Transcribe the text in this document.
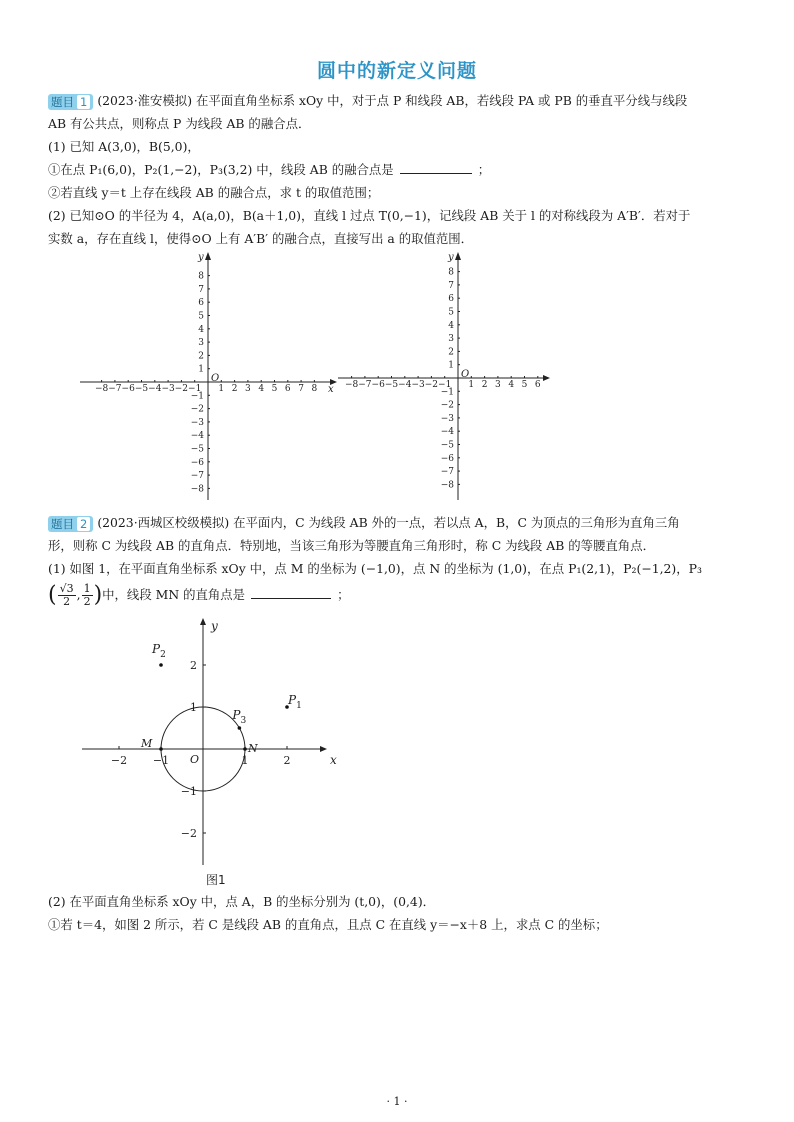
圆中的新定义问题
题目 1 (2023·淮安模拟) 在平面直角坐标系 xOy 中，对于点 P 和线段 AB，若线段 PA 或 PB 的垂直平分线与线段
AB 有公共点，则称点 P 为线段 AB 的融合点．
(1) 已知 A(3,0)，B(5,0)，
①在点 P₁(6,0)，P₂(1,−2)，P₃(3,2) 中，线段 AB 的融合点是	；
②若直线 y＝t 上存在线段 AB 的融合点，求 t 的取值范围；
(2) 已知⊙O 的半径为 4，A(a,0)，B(a＋1,0)，直线 l 过点 T(0,−1)，记线段 AB 关于 l 的对称线段为 A′B′．若对于
实数 a，存在直线 l，使得⊙O 上有 A′B′ 的融合点，直接写出 a 的取值范围．
−8 −7 −6 −5 −4 −3 −2 −1 1 2 3 4 5 6 7 8
1
2
3
4
5
6
7
8
−1
−2
−3
−4
−5
−6
−7
−8
y
x
O
−8 −7 −6 −5 −4 −3 −2 −1 1 2 3 4 5 6
1
2
3
4
5
6
7
8
−1
−2
−3
−4
−5
−6
−7
−8
y
O
题目 2 (2023·西城区校级模拟) 在平面内，C 为线段 AB 外的一点，若以点 A，B，C 为顶点的三角形为直角三角
形，则称 C 为线段 AB 的直角点．特别地，当该三角形为等腰直角三角形时，称 C 为线段 AB 的等腰直角点．
(1) 如图 1，在平面直角坐标系 xOy 中，点 M 的坐标为 (−1,0)，点 N 的坐标为 (1,0)，在点 P₁(2,1)，P₂(−1,2)，P₃
( $\frac{√3}{2}$ , $\frac{1}{2}$ )中，线段 MN 的直角点是	；
x
y
O
−2 −1	1	2
2
1
−1
−2
M	N
$P_1$
$P_2$
$P_3$
图1
(2) 在平面直角坐标系 xOy 中，点 A，B 的坐标分别为 (t,0)，(0,4)．
①若 t＝4，如图 2 所示，若 C 是线段 AB 的直角点，且点 C 在直线 y＝−x＋8 上，求点 C 的坐标；
· 1 ·
